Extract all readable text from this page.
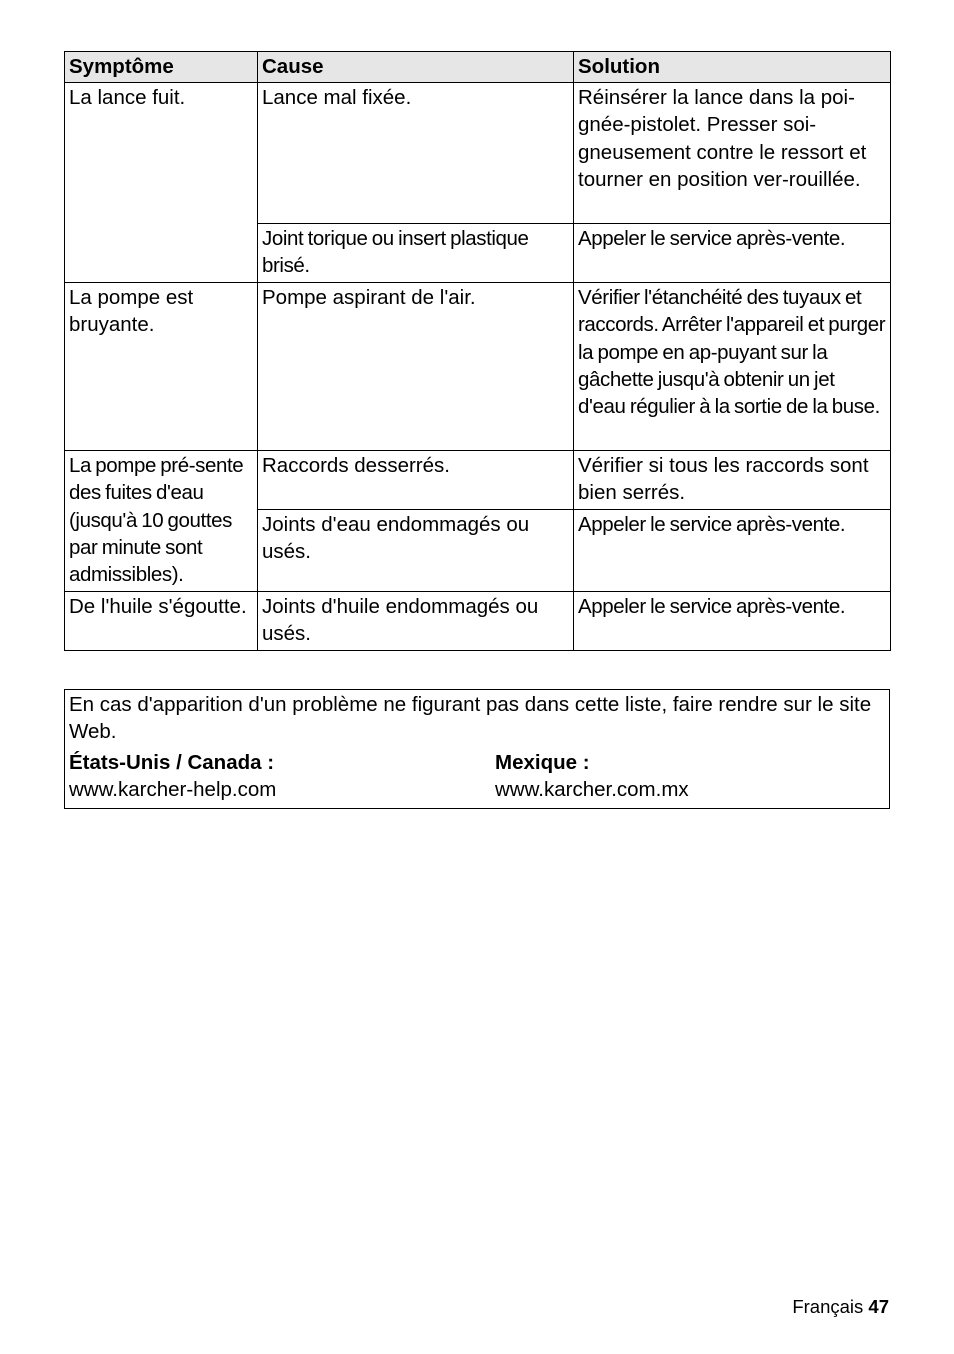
Symptôme	Cause	Solution
La lance fuit.	Lance mal fixée.	Réinsérer la lance dans la poi-gnée-pistolet. Presser soi-gneusement contre le ressort et tourner en position ver-rouillée.
	Joint torique ou insert plastique brisé.	Appeler le service après-vente.
La pompe est bruyante.	Pompe aspirant de l'air.	Vérifier l'étanchéité des tuyaux et raccords. Arrêter l'appareil et purger la pompe en ap-puyant sur la gâchette jusqu'à obtenir un jet d'eau régulier à la sortie de la buse.
La pompe pré-sente des fuites d'eau (jusqu'à 10 gouttes par minute sont admissibles).	Raccords desserrés.	Vérifier si tous les raccords sont bien serrés.
	Joints d'eau endommagés ou usés.	Appeler le service après-vente.
De l'huile s'égoutte.	Joints d'huile endommagés ou usés.	Appeler le service après-vente.
En cas d'apparition d'un problème ne figurant pas dans cette liste, faire rendre sur le site Web.
États-Unis / Canada :
www.karcher-help.com
Mexique :
www.karcher.com.mx
Français 47
